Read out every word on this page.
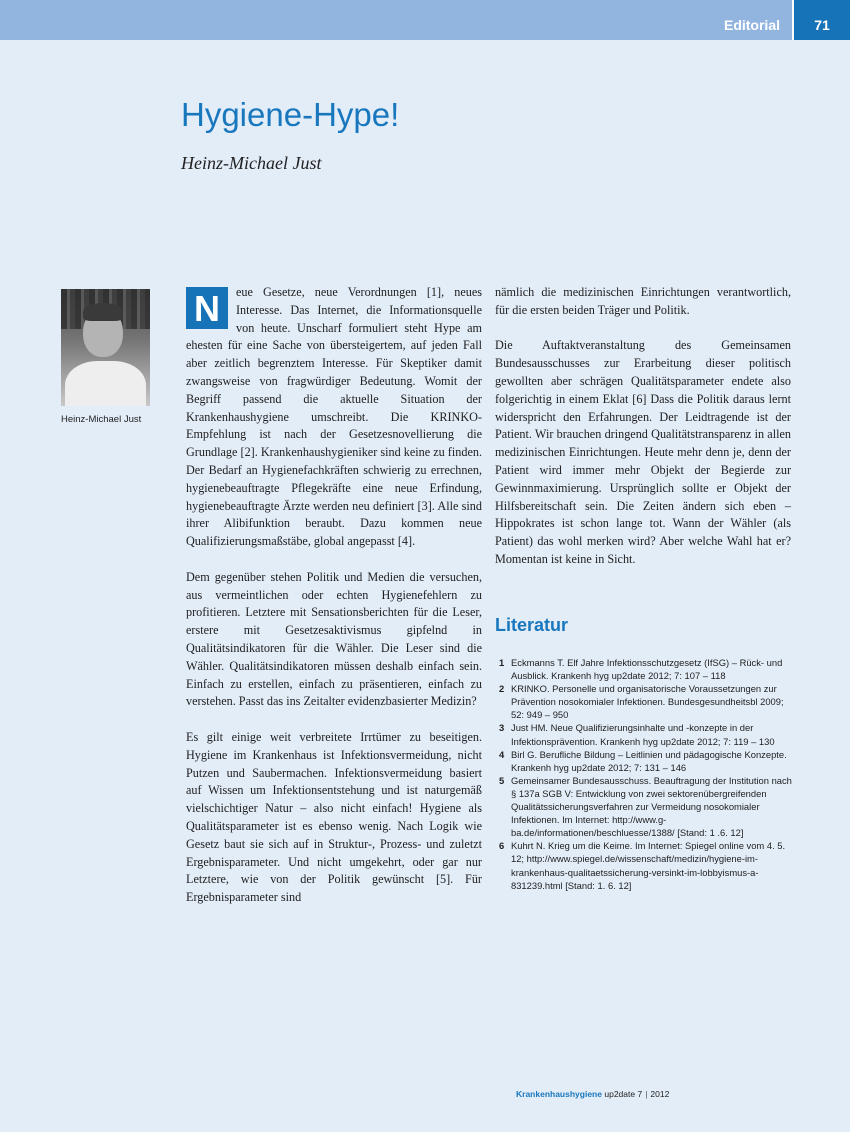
Editorial	71
Hygiene-Hype!
Heinz-Michael Just
Heinz-Michael Just

N	eue Gesetze, neue Verordnungen [1], neues Interesse. Das Internet, die Informationsquelle von heute. Unscharf formuliert steht Hype am ehesten für eine Sache von übersteigertem, auf jeden Fall aber zeitlich begrenztem Interesse. Für Skeptiker damit zwangsweise von fragwürdiger Bedeutung. Womit der Begriff passend die aktuelle Situation der Krankenhaushygiene umschreibt. Die KRINKO-Empfehlung ist nach der Gesetzesnovellierung die Grundlage [2]. Krankenhaushygieniker sind keine zu finden. Der Bedarf an Hygienefachkräften schwierig zu errechnen, hygienebeauftragte Pflegekräfte eine neue Erfindung, hygienebeauftragte Ärzte werden neu definiert [3]. Alle sind ihrer Alibifunktion beraubt. Dazu kommen neue Qualifizierungsmaßstäbe, global angepasst [4].

Dem gegenüber stehen Politik und Medien die versuchen, aus vermeintlichen oder echten Hygienefehlern zu profitieren. Letztere mit Sensationsberichten für die Leser, erstere mit Gesetzesaktivismus gipfelnd in Qualitätsindikatoren für die Wähler. Die Leser sind die Wähler. Qualitätsindikatoren müssen deshalb einfach sein. Einfach zu erstellen, einfach zu präsentieren, einfach zu verstehen. Passt das ins Zeitalter evidenzbasierter Medizin?

Es gilt einige weit verbreitete Irrtümer zu beseitigen. Hygiene im Krankenhaus ist Infektionsvermeidung, nicht Putzen und Saubermachen. Infektionsvermeidung basiert auf Wissen um Infektionsentstehung und ist naturgemäß vielschichtiger Natur – also nicht einfach! Hygiene als Qualitätsparameter ist es ebenso wenig. Nach Logik wie Gesetz baut sie sich auf in Struktur-, Prozess- und zuletzt Ergebnisparameter. Und nicht umgekehrt, oder gar nur Letztere, wie von der Politik gewünscht [5]. Für Ergebnisparameter sind

nämlich die medizinischen Einrichtungen verantwortlich, für die ersten beiden Träger und Politik.

Die Auftaktveranstaltung des Gemeinsamen Bundesausschusses zur Erarbeitung dieser politisch gewollten aber schrägen Qualitätsparameter endete also folgerichtig in einem Eklat [6] Dass die Politik daraus lernt widerspricht den Erfahrungen. Der Leidtragende ist der Patient. Wir brauchen dringend Qualitätstransparenz in allen medizinischen Einrichtungen. Heute mehr denn je, denn der Patient wird immer mehr Objekt der Begierde zur Gewinnmaximierung. Ursprünglich sollte er Objekt der Hilfsbereitschaft sein. Die Zeiten ändern sich eben – Hippokrates ist schon lange tot. Wann der Wähler (als Patient) das wohl merken wird? Aber welche Wahl hat er? Momentan ist keine in Sicht.

Literatur
1 Eckmanns T. Elf Jahre Infektionsschutzgesetz (IfSG) – Rück- und Ausblick. Krankenh hyg up2date 2012; 7: 107 – 118
2 KRINKO. Personelle und organisatorische Voraussetzungen zur Prävention nosokomialer Infektionen. Bundesgesundheitsbl 2009; 52: 949 – 950
3 Just HM. Neue Qualifizierungsinhalte und -konzepte in der Infektionsprävention. Krankenh hyg up2date 2012; 7: 119 – 130
4 Birl G. Berufliche Bildung – Leitlinien und pädagogische Konzepte. Krankenh hyg up2date 2012; 7: 131 – 146
5 Gemeinsamer Bundesausschuss. Beauftragung der Institution nach § 137a SGB V: Entwicklung von zwei sektorenübergreifenden Qualitätssicherungsverfahren zur Vermeidung nosokomialer Infektionen. Im Internet: http://www.g-ba.de/informationen/beschluesse/1388/ [Stand: 1 .6. 12]
6 Kuhrt N. Krieg um die Keime. Im Internet: Spiegel online vom 4. 5. 12; http://www.spiegel.de/wissenschaft/medizin/hygiene-im-krankenhaus-qualitaetssicherung-versinkt-im-lobbyismus-a-831239.html [Stand: 1. 6. 12]
Krankenhaushygiene up2date 7 | 2012
